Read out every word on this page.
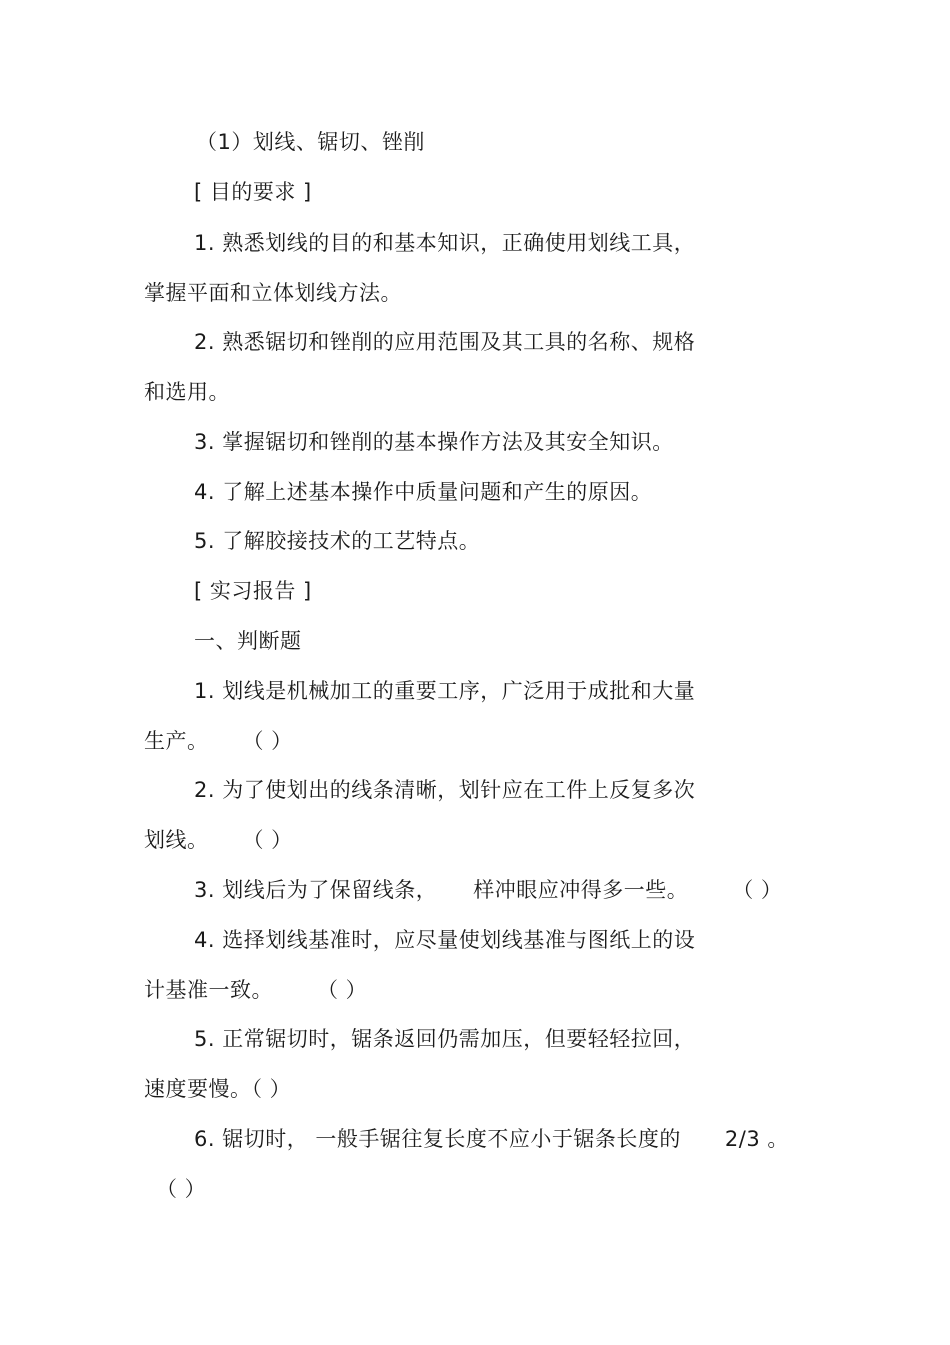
（1）划线、锯切、锉削
[ 目的要求 ]
1. 熟悉划线的目的和基本知识，正确使用划线工具，
掌握平面和立体划线方法。
2. 熟悉锯切和锉削的应用范围及其工具的名称、规格
和选用。
3. 掌握锯切和锉削的基本操作方法及其安全知识。
4. 了解上述基本操作中质量问题和产生的原因。
5. 了解胶接技术的工艺特点。
[ 实习报告 ]
一、判断题
1. 划线是机械加工的重要工序，广泛用于成批和大量
生产。 （ ）
2. 为了使划出的线条清晰，划针应在工件上反复多次
划线。 （ ）
3. 划线后为了保留线条， 样冲眼应冲得多一些。 （ ）
4. 选择划线基准时，应尽量使划线基准与图纸上的设
计基准一致。 （ ）
5. 正常锯切时，锯条返回仍需加压，但要轻轻拉回，
速度要慢。（ ）
6. 锯切时， 一般手锯往复长度不应小于锯条长度的 2/3 。
（ ）
